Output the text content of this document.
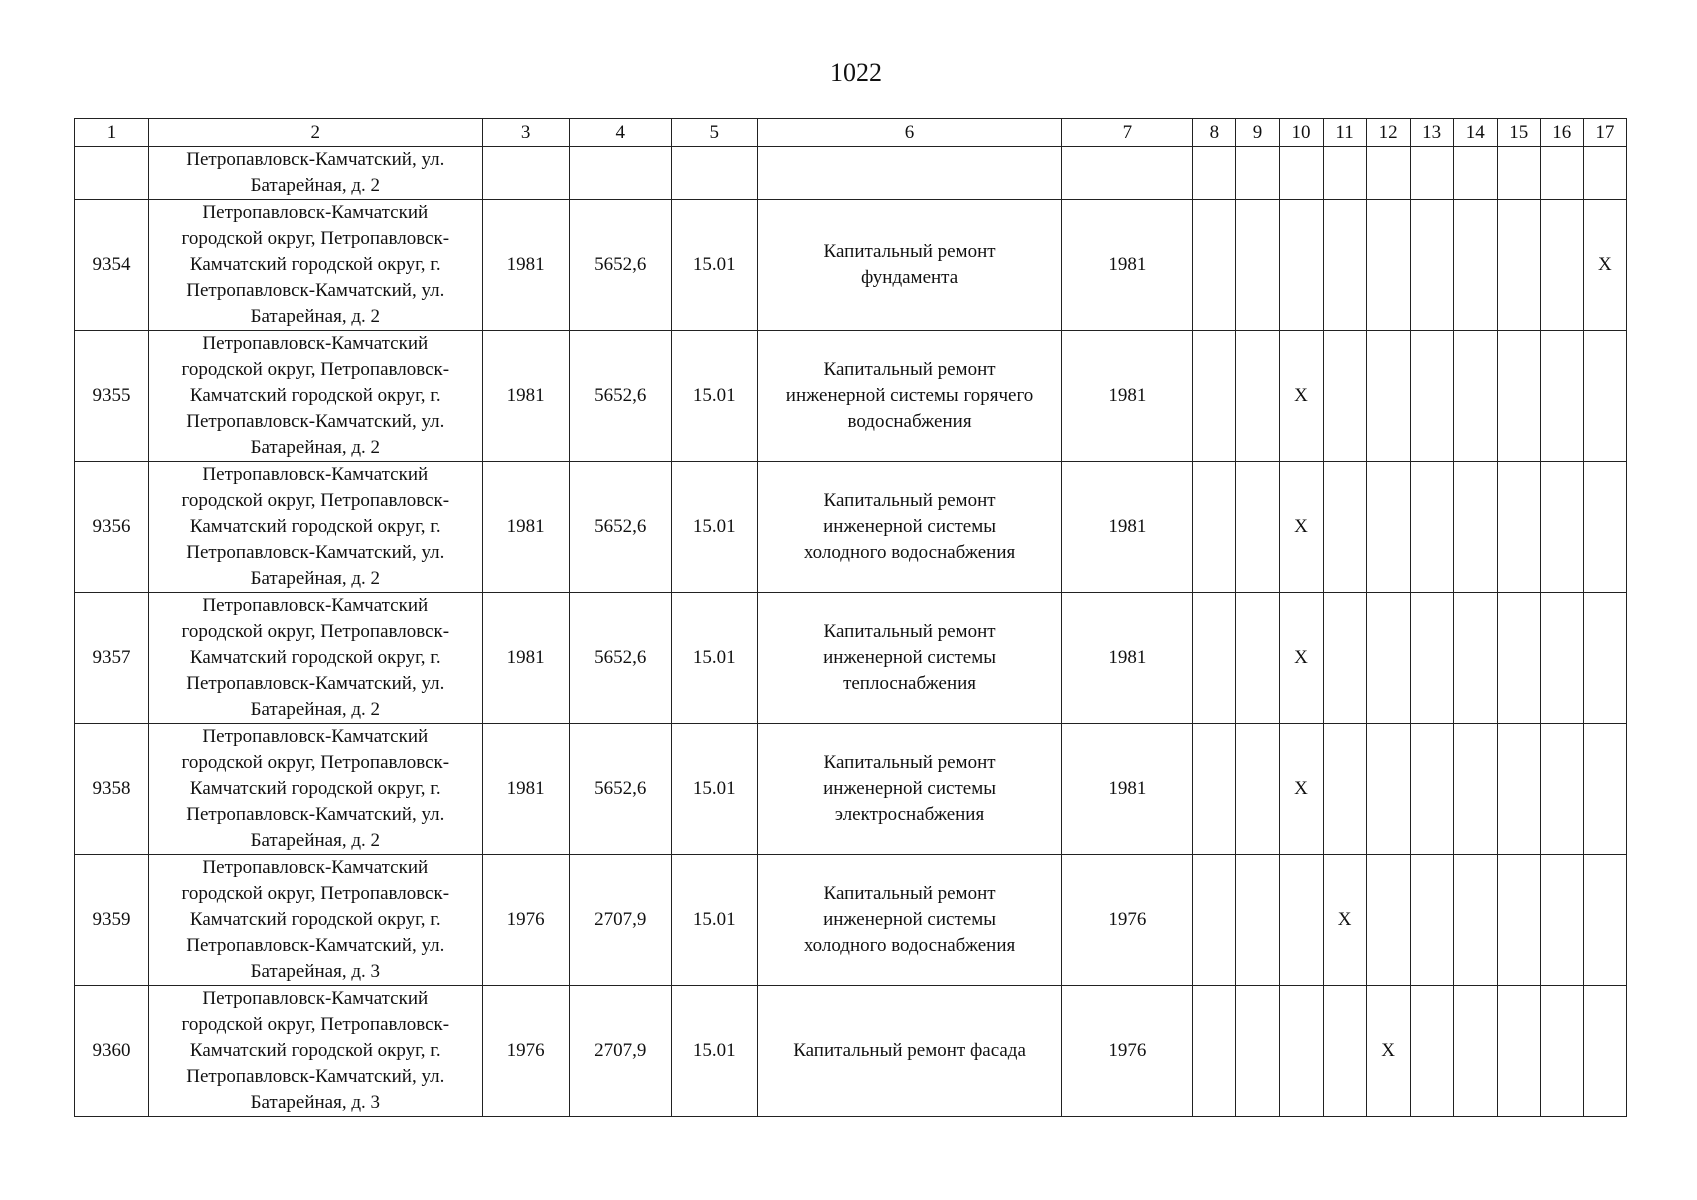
1022
1	2	3	4	5	6	7	8	9	10	11	12	13	14	15	16	17
	Петропавловск-Камчатский, ул.
Батарейная, д. 2															
9354	Петропавловск-Камчатский
городской округ, Петропавловск-
Камчатский городской округ, г.
Петропавловск-Камчатский, ул.
Батарейная, д. 2	1981	5652,6	15.01	Капитальный ремонт
фундамента	1981										X
9355	Петропавловск-Камчатский
городской округ, Петропавловск-
Камчатский городской округ, г.
Петропавловск-Камчатский, ул.
Батарейная, д. 2	1981	5652,6	15.01	Капитальный ремонт
инженерной системы горячего
водоснабжения	1981			X							
9356	Петропавловск-Камчатский
городской округ, Петропавловск-
Камчатский городской округ, г.
Петропавловск-Камчатский, ул.
Батарейная, д. 2	1981	5652,6	15.01	Капитальный ремонт
инженерной системы
холодного водоснабжения	1981			X							
9357	Петропавловск-Камчатский
городской округ, Петропавловск-
Камчатский городской округ, г.
Петропавловск-Камчатский, ул.
Батарейная, д. 2	1981	5652,6	15.01	Капитальный ремонт
инженерной системы
теплоснабжения	1981			X							
9358	Петропавловск-Камчатский
городской округ, Петропавловск-
Камчатский городской округ, г.
Петропавловск-Камчатский, ул.
Батарейная, д. 2	1981	5652,6	15.01	Капитальный ремонт
инженерной системы
электроснабжения	1981			X							
9359	Петропавловск-Камчатский
городской округ, Петропавловск-
Камчатский городской округ, г.
Петропавловск-Камчатский, ул.
Батарейная, д. 3	1976	2707,9	15.01	Капитальный ремонт
инженерной системы
холодного водоснабжения	1976				X						
9360	Петропавловск-Камчатский
городской округ, Петропавловск-
Камчатский городской округ, г.
Петропавловск-Камчатский, ул.
Батарейная, д. 3	1976	2707,9	15.01	Капитальный ремонт фасада	1976					X					
